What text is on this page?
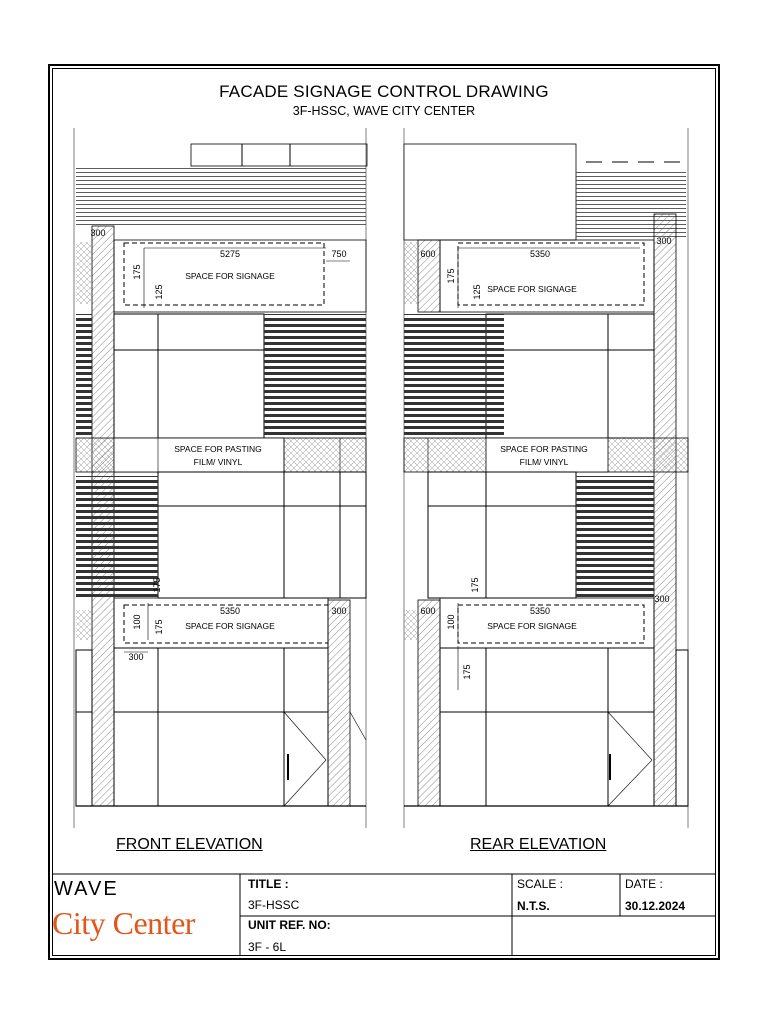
FACADE SIGNAGE CONTROL DRAWING
3F-HSSC, WAVE CITY CENTER
5275	750
300
175
125
SPACE FOR SIGNAGE
SPACE FOR PASTING
FILM/ VINYL
175
5350	300
100 175 SPACE FOR SIGNAGE
300
5350
600
300
175
125 SPACE FOR SIGNAGE
SPACE FOR PASTING
FILM/ VINYL
175
5350
600
300
100	SPACE FOR SIGNAGE
175
FRONT ELEVATION	REAR ELEVATION
WAVE
City Center
TITLE :
3F-HSSC
UNIT REF. NO:
3F - 6L
SCALE :
N.T.S.
DATE :
30.12.2024
